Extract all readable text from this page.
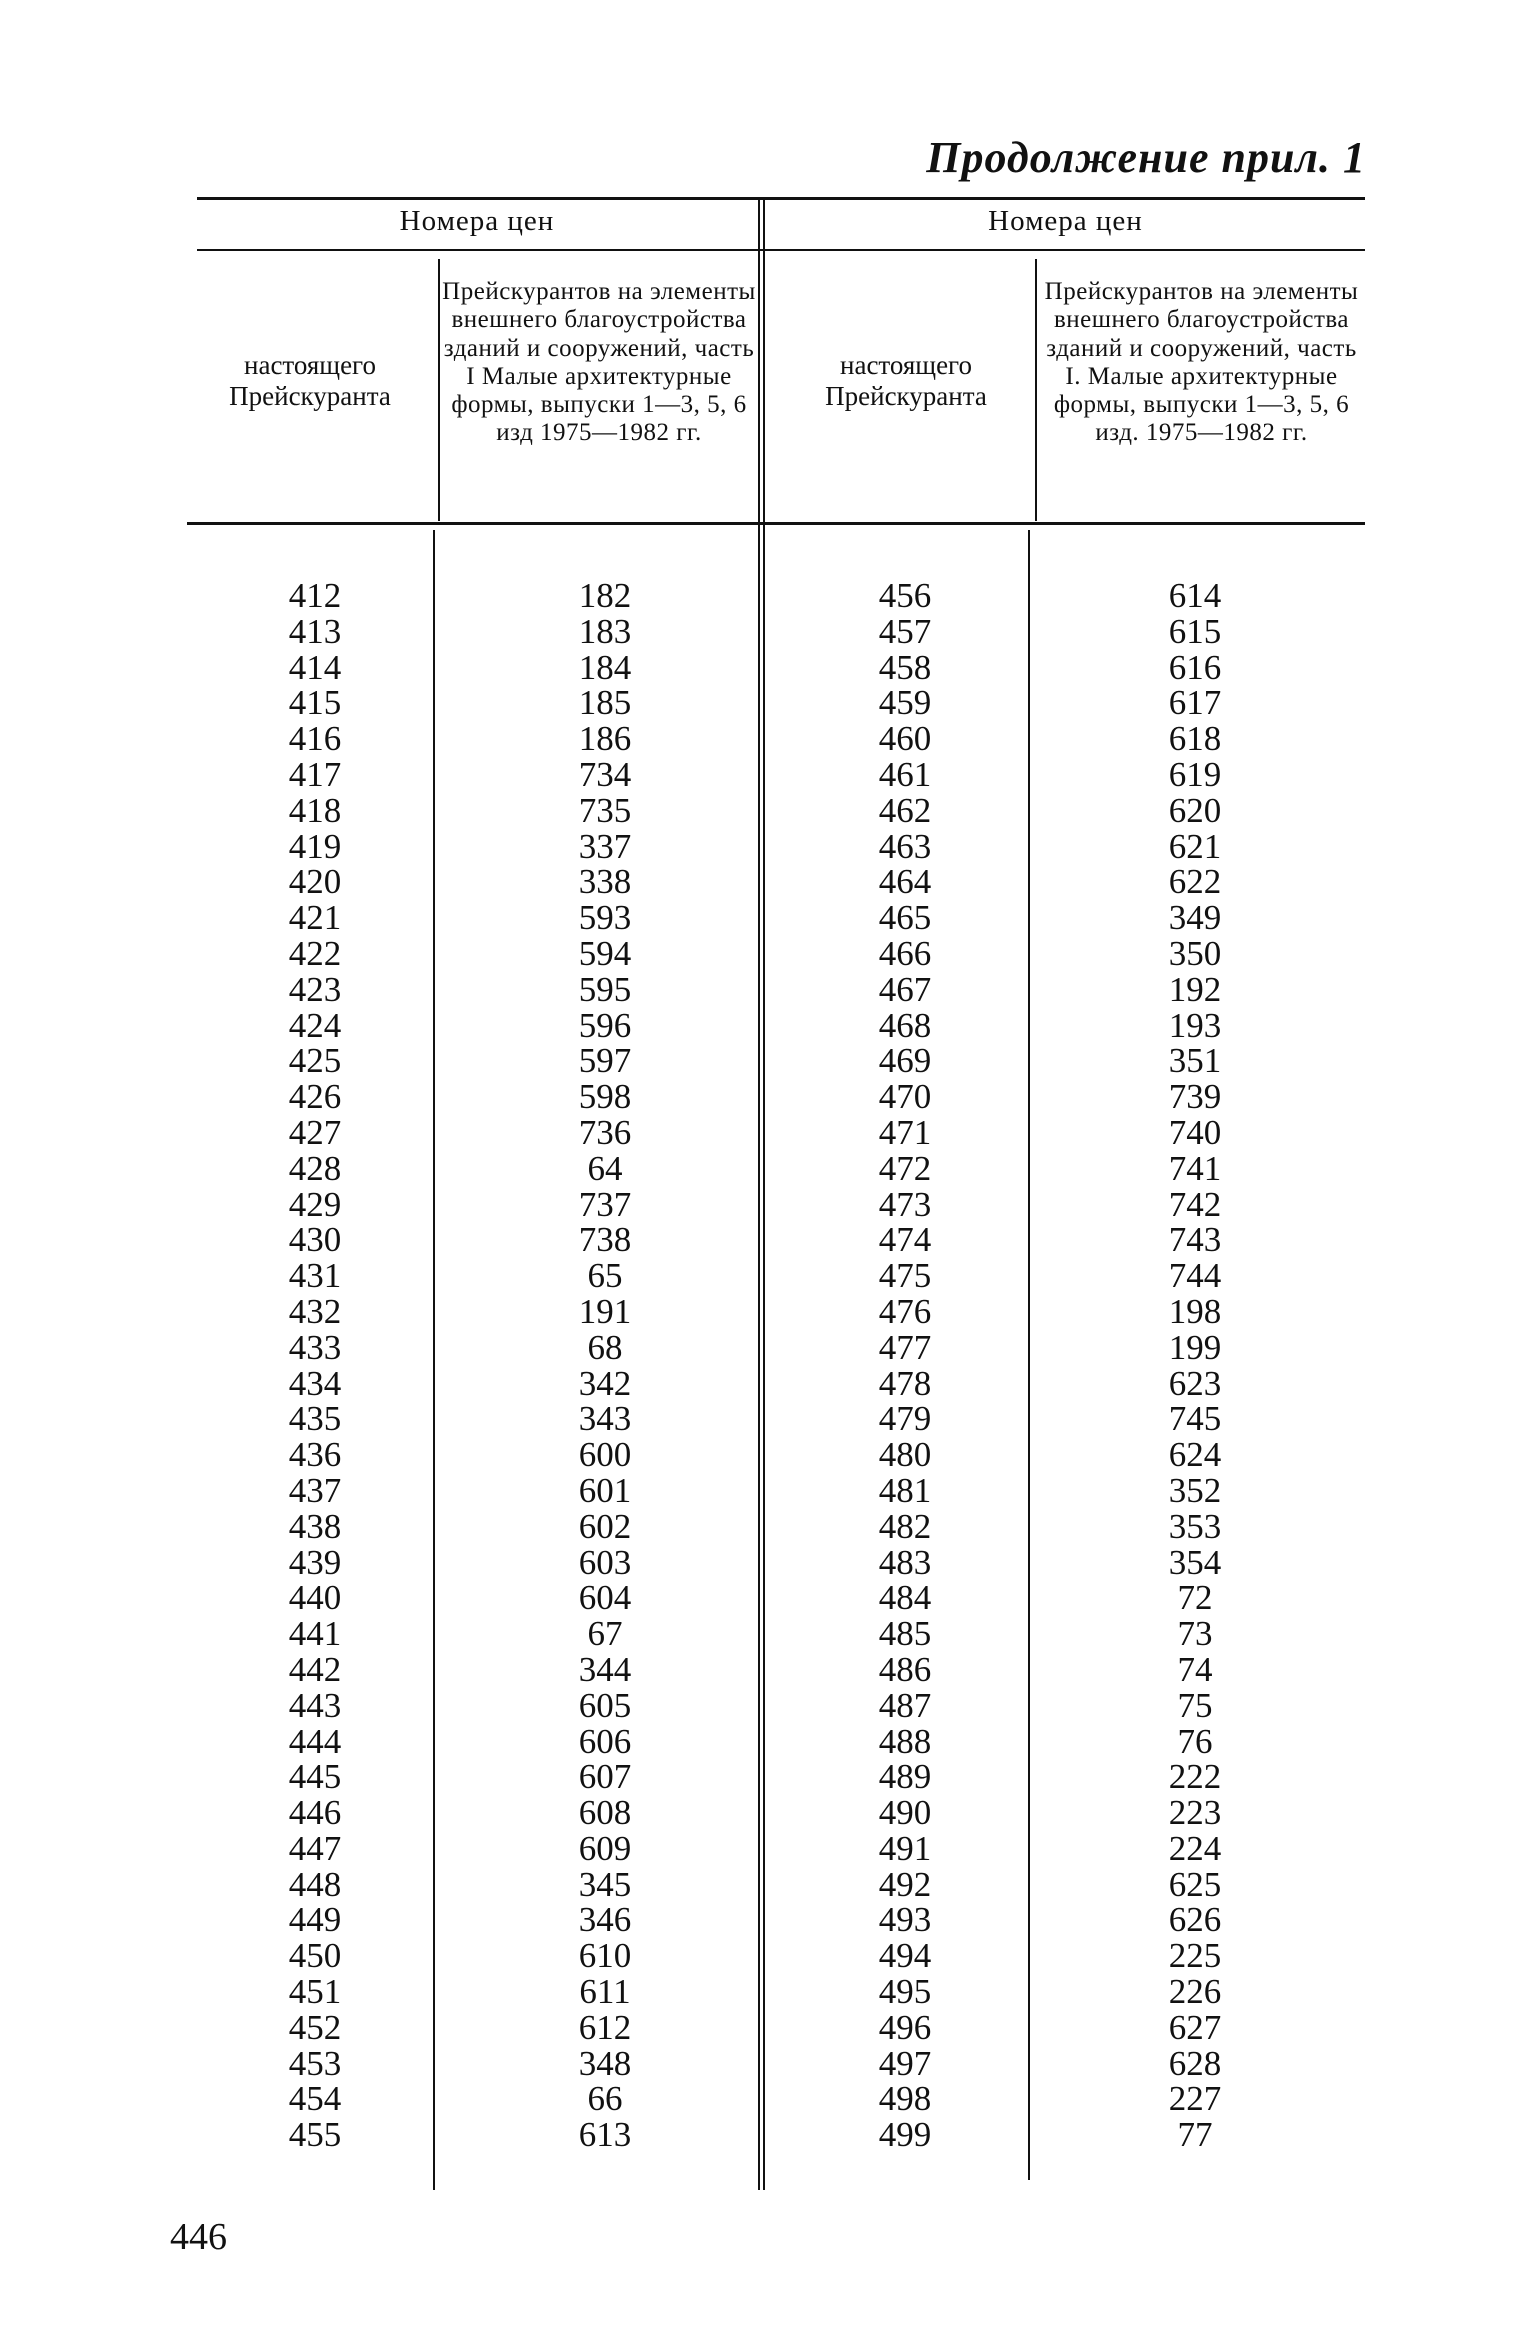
Продолжение прил. 1
Номера цен	Номера цен
настоящего Прейскуранта
Прейскурантов на элементы внешнего благоустройства зданий и сооружений, часть I Малые архитектурные формы, выпуски 1—3, 5, 6 изд 1975—1982 гг.
настоящего Прейскуранта
Прейскурантов на элементы внешнего благоустройства зданий и сооружений, часть I. Малые архитектурные формы, выпуски 1—3, 5, 6 изд. 1975—1982 гг.
412
413
414
415
416
417
418
419
420
421
422
423
424
425
426
427
428
429
430
431
432
433
434
435
436
437
438
439
440
441
442
443
444
445
446
447
448
449
450
451
452
453
454
455
182
183
184
185
186
734
735
337
338
593
594
595
596
597
598
736
64
737
738
65
191
68
342
343
600
601
602
603
604
67
344
605
606
607
608
609
345
346
610
611
612
348
66
613
456
457
458
459
460
461
462
463
464
465
466
467
468
469
470
471
472
473
474
475
476
477
478
479
480
481
482
483
484
485
486
487
488
489
490
491
492
493
494
495
496
497
498
499
614
615
616
617
618
619
620
621
622
349
350
192
193
351
739
740
741
742
743
744
198
199
623
745
624
352
353
354
72
73
74
75
76
222
223
224
625
626
225
226
627
628
227
77
446
